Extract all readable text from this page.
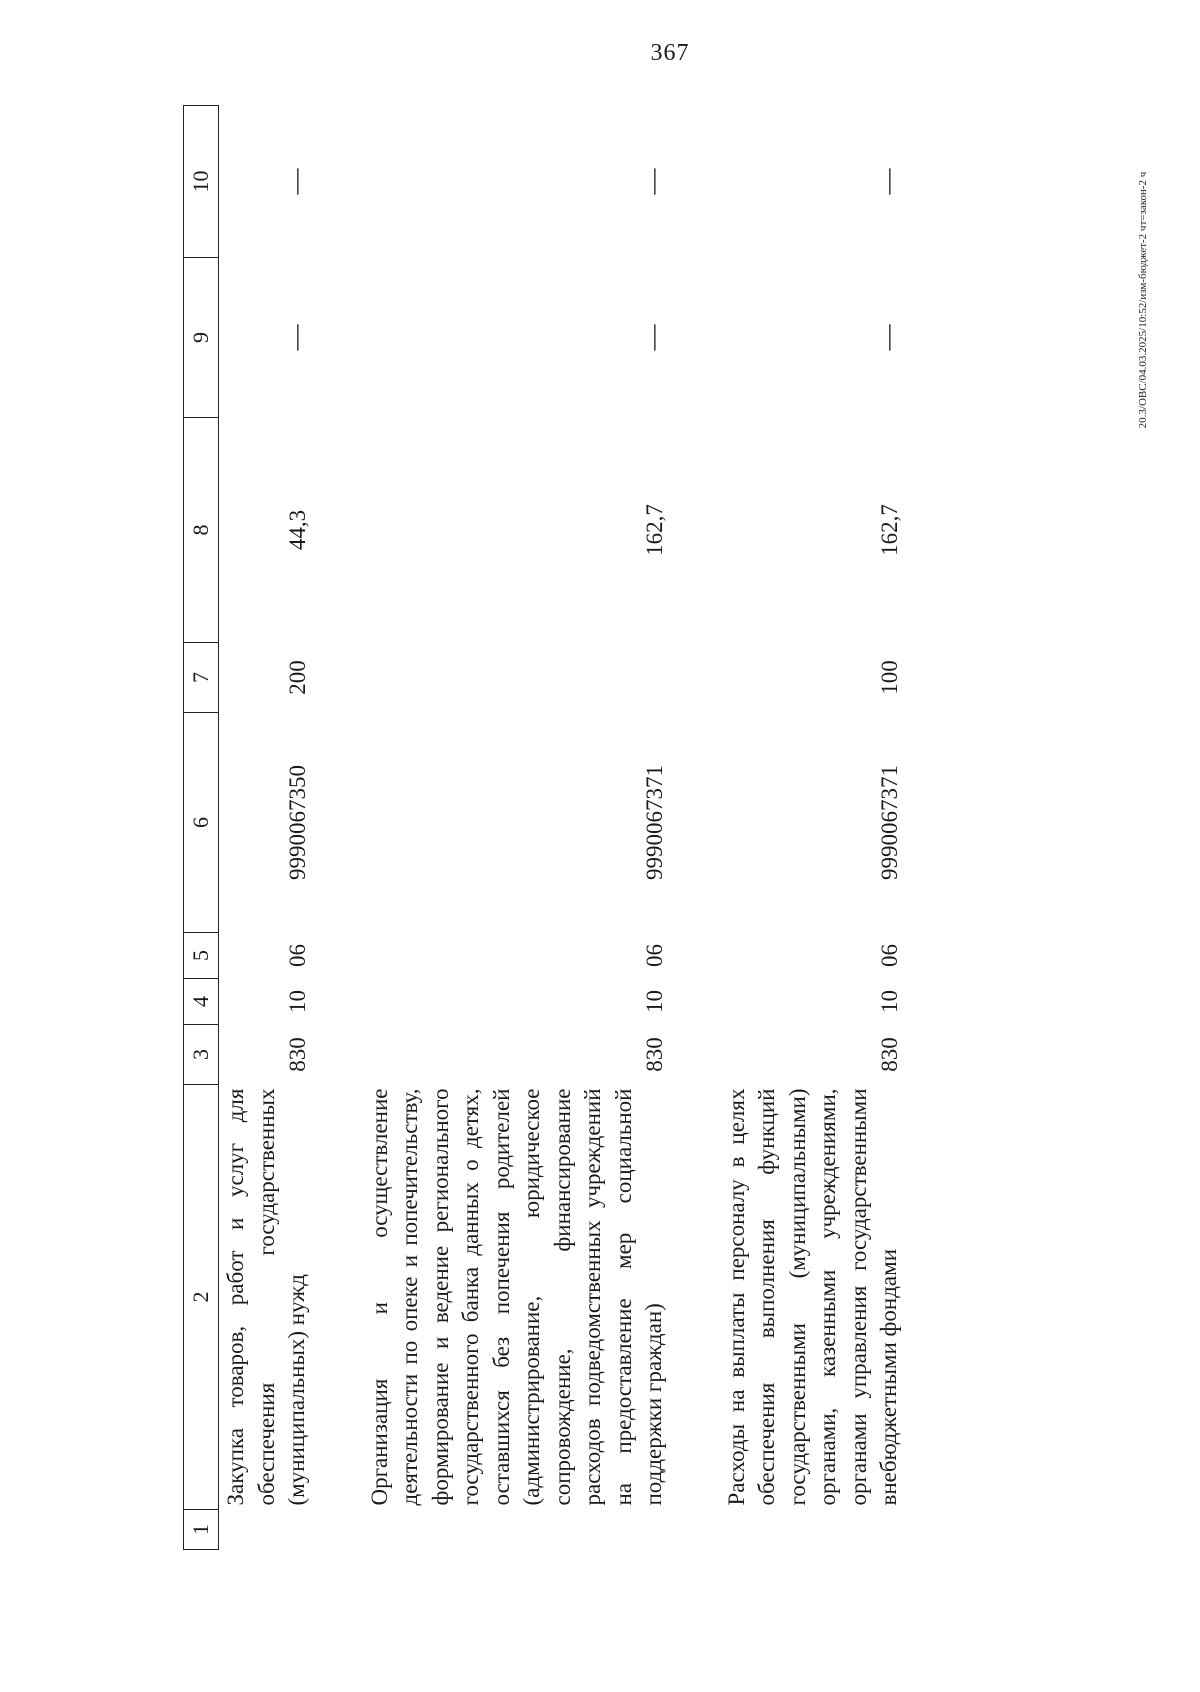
367
20.3/OBC/04.03.2025/10:52/изм-бюджет-2 чт=закон-2 ч
1	2	3	4	5	6	7	8	9	10
	Закупка товаров, работ и услуг для обеспечения государственных (муниципальных) нужд	830	10	06	9990067350	200	44,3	—	—

	Организация и осуществление деятельности по опеке и попечительству, формирование и ведение регионального государственного банка данных о детях, оставшихся без попечения родителей (администрирование, юридическое сопровождение, финансирование расходов подведомственных учреждений на предоставление мер социальной поддержки граждан)	830	10	06	9990067371		162,7	—	—

	Расходы на выплаты персоналу в целях обеспечения выполнения функций государственными (муниципальными) органами, казенными учреждениями, органами управления государственными внебюджетными фондами	830	10	06	9990067371	100	162,7	—	—
